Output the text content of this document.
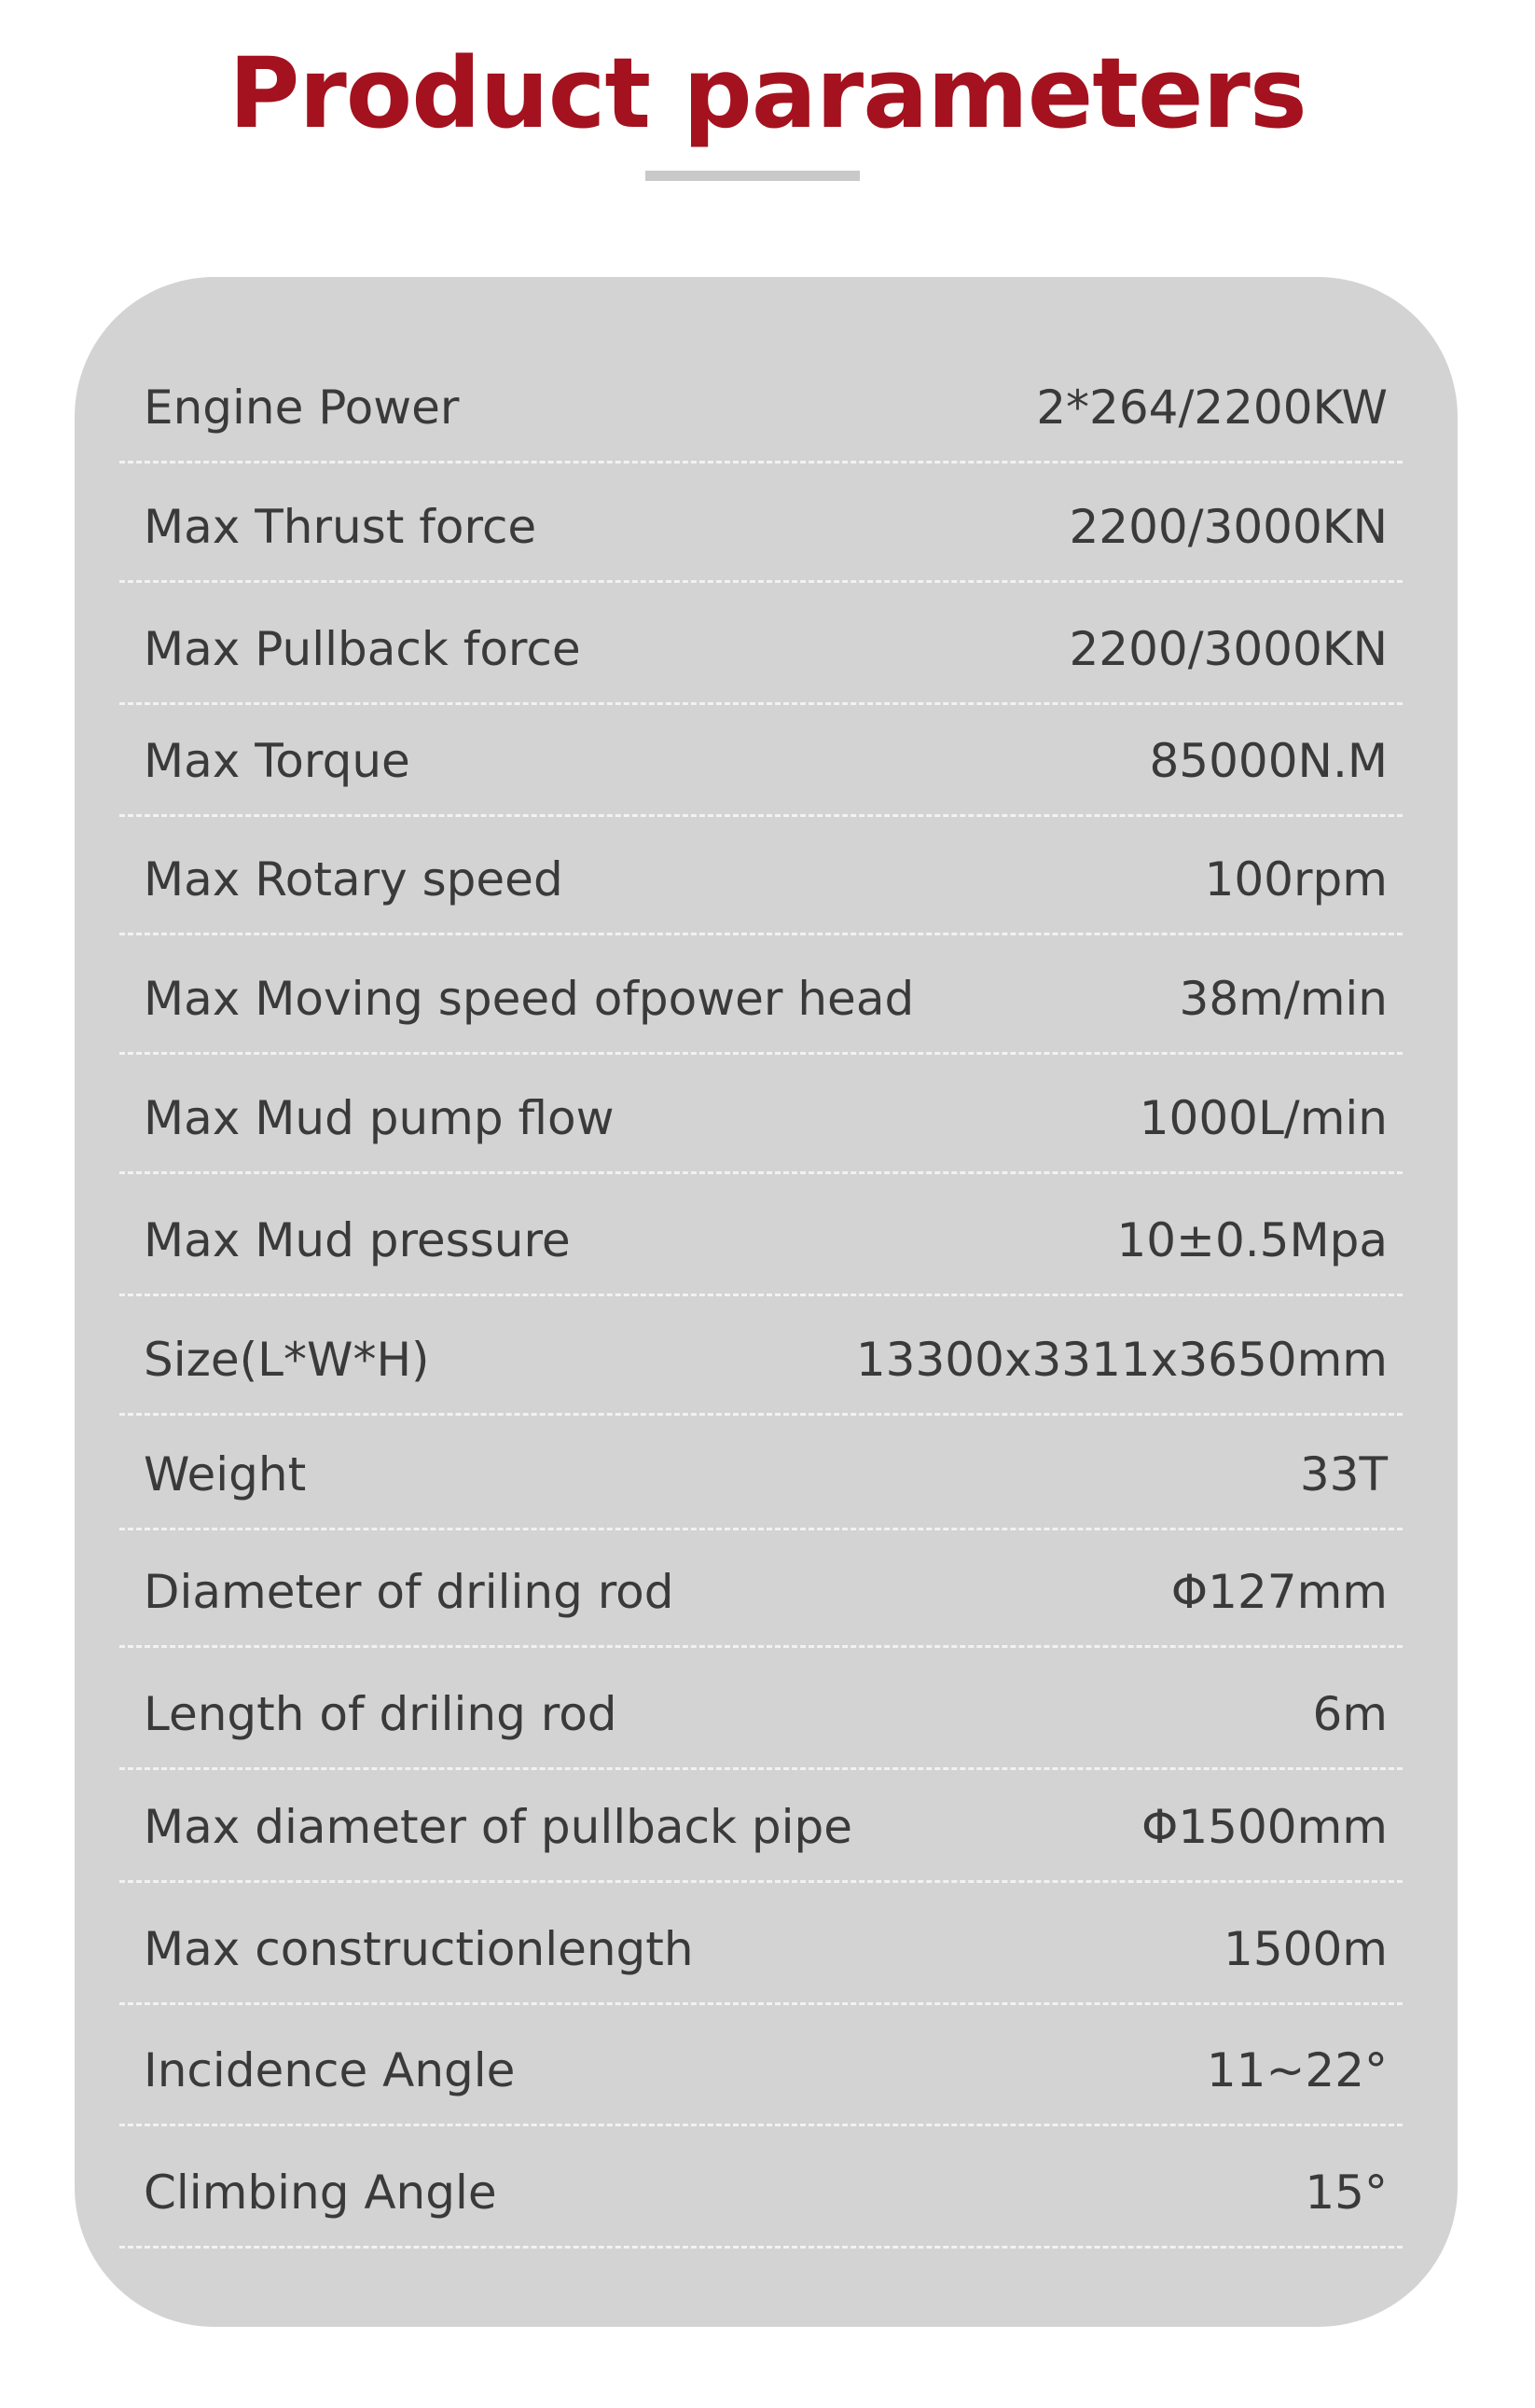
Product parameters
Engine Power	2*264/2200KW
Max Thrust force	2200/3000KN
Max Pullback force	2200/3000KN
Max Torque	85000N.M
Max Rotary speed	100rpm
Max Moving speed ofpower head	38m/min
Max Mud pump flow	1000L/min
Max Mud pressure	10±0.5Mpa
Size(L*W*H)	13300x3311x3650mm
Weight	33T
Diameter of driling rod	Φ127mm
Length of driling rod	6m
Max diameter of pullback pipe	Φ1500mm
Max constructionlength	1500m
Incidence Angle	11~22°
Climbing Angle	15°
